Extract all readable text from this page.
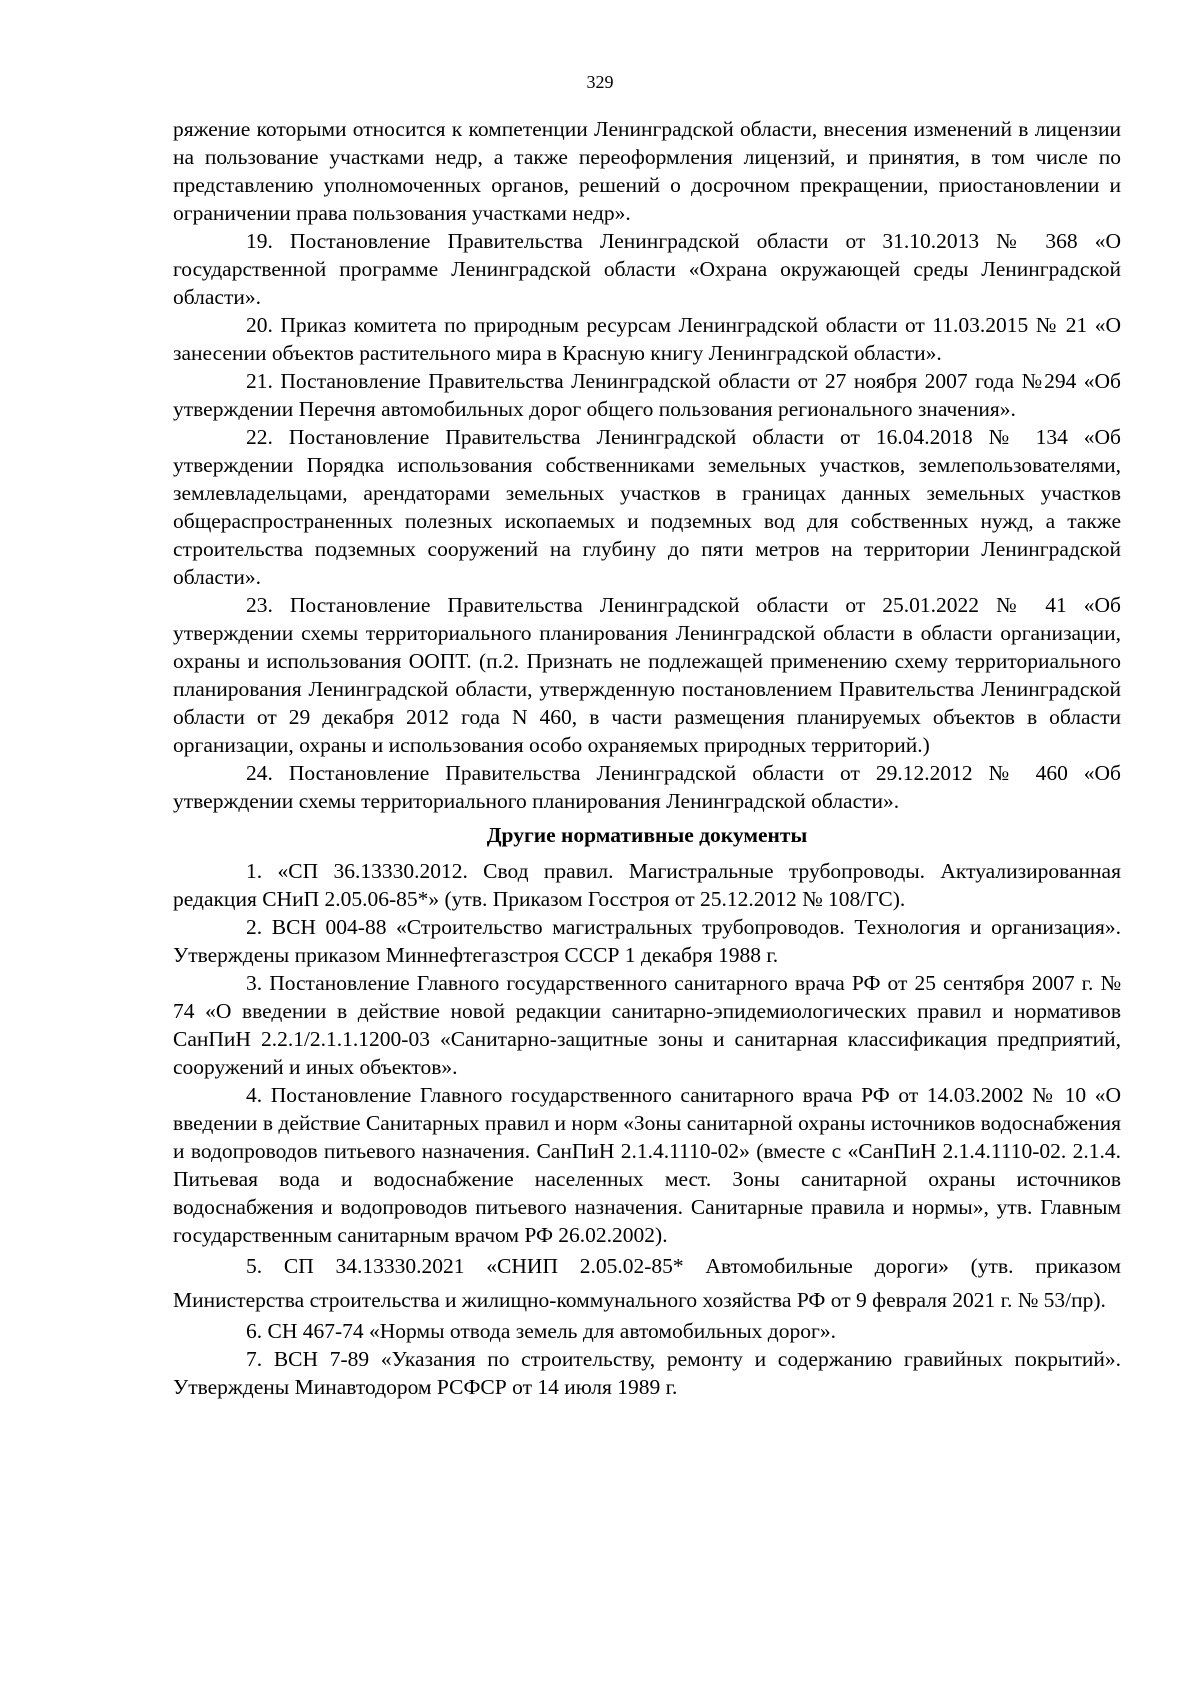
329

ряжение которыми относится к компетенции Ленинградской области, внесения изменений в лицензии на пользование участками недр, а также переоформления лицензий, и принятия, в том числе по представлению уполномоченных органов, решений о досрочном прекращении, приостановлении и ограничении права пользования участками недр».

19. Постановление Правительства Ленинградской области от 31.10.2013 № 368 «О государственной программе Ленинградской области «Охрана окружающей среды Ленинградской области».

20. Приказ комитета по природным ресурсам Ленинградской области от 11.03.2015 № 21 «О занесении объектов растительного мира в Красную книгу Ленинградской области».

21. Постановление Правительства Ленинградской области от 27 ноября 2007 года №294 «Об утверждении Перечня автомобильных дорог общего пользования регионального значения».

22. Постановление Правительства Ленинградской области от 16.04.2018 № 134 «Об утверждении Порядка использования собственниками земельных участков, землепользователями, землевладельцами, арендаторами земельных участков в границах данных земельных участков общераспространенных полезных ископаемых и подземных вод для собственных нужд, а также строительства подземных сооружений на глубину до пяти метров на территории Ленинградской области».

23. Постановление Правительства Ленинградской области от 25.01.2022 № 41 «Об утверждении схемы территориального планирования Ленинградской области в области организации, охраны и использования ООПТ. (п.2. Признать не подлежащей применению схему территориального планирования Ленинградской области, утвержденную постановлением Правительства Ленинградской области от 29 декабря 2012 года N 460, в части размещения планируемых объектов в области организации, охраны и использования особо охраняемых природных территорий.)

24. Постановление Правительства Ленинградской области от 29.12.2012 № 460 «Об утверждении схемы территориального планирования Ленинградской области».

Другие нормативные документы

1. «СП 36.13330.2012. Свод правил. Магистральные трубопроводы. Актуализированная редакция СНиП 2.05.06-85*» (утв. Приказом Госстроя от 25.12.2012 № 108/ГС).

2. ВСН 004-88 «Строительство магистральных трубопроводов. Технология и организация». Утверждены приказом Миннефтегазстроя СССР 1 декабря 1988 г.

3. Постановление Главного государственного санитарного врача РФ от 25 сентября 2007 г. № 74 «О введении в действие новой редакции санитарно-эпидемиологических правил и нормативов СанПиН 2.2.1/2.1.1.1200-03 «Санитарно-защитные зоны и санитарная классификация предприятий, сооружений и иных объектов».

4. Постановление Главного государственного санитарного врача РФ от 14.03.2002 № 10 «О введении в действие Санитарных правил и норм «Зоны санитарной охраны источников водоснабжения и водопроводов питьевого назначения. СанПиН 2.1.4.1110-02» (вместе с «СанПиН 2.1.4.1110-02. 2.1.4. Питьевая вода и водоснабжение населенных мест. Зоны санитарной охраны источников водоснабжения и водопроводов питьевого назначения. Санитарные правила и нормы», утв. Главным государственным санитарным врачом РФ 26.02.2002).

5. СП 34.13330.2021 «СНИП 2.05.02-85* Автомобильные дороги» (утв. приказом Министерства строительства и жилищно-коммунального хозяйства РФ от 9 февраля 2021 г. № 53/пр).

6. СН 467-74 «Нормы отвода земель для автомобильных дорог».

7. ВСН 7-89 «Указания по строительству, ремонту и содержанию гравийных покрытий». Утверждены Минавтодором РСФСР от 14 июля 1989 г.
